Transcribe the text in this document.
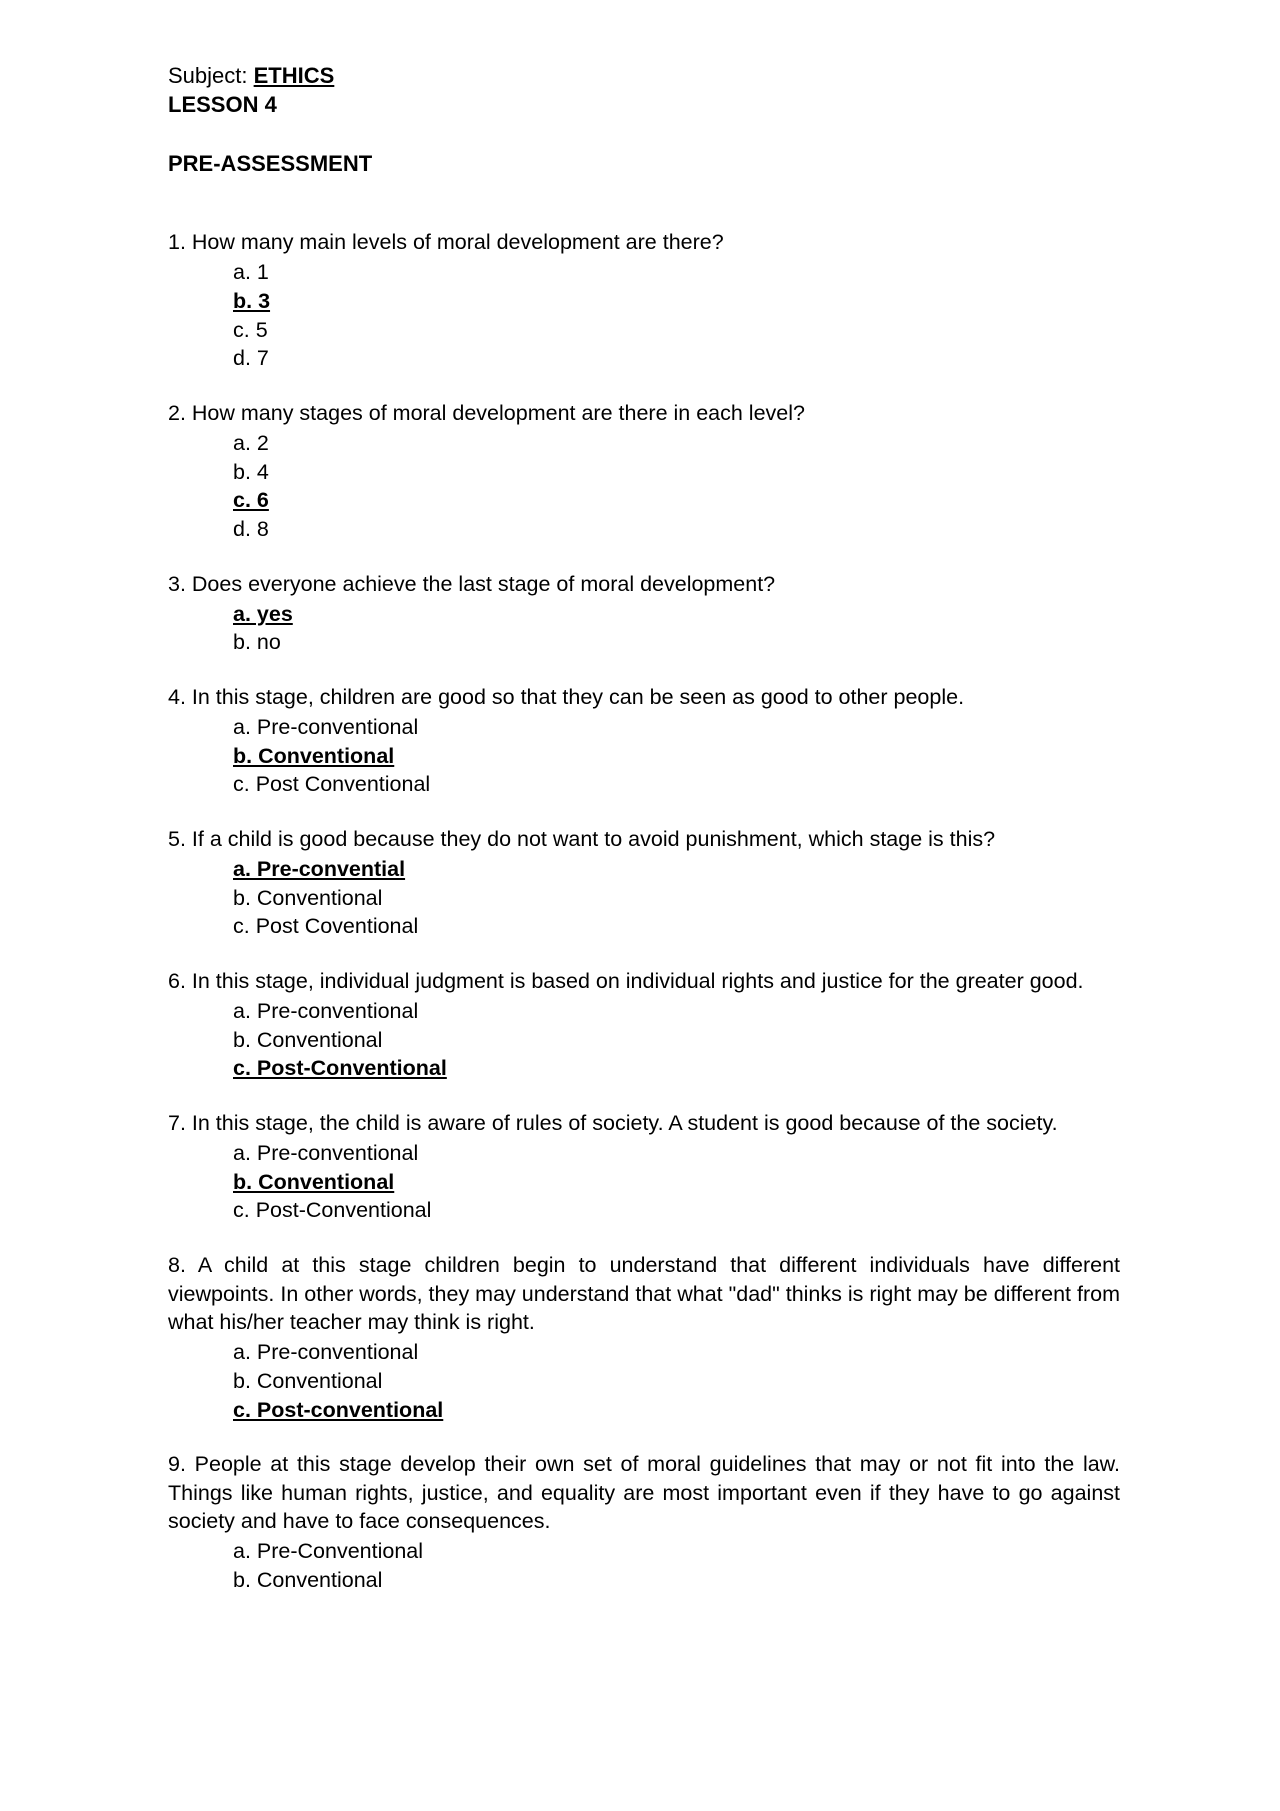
Subject: ETHICS
LESSON 4
PRE-ASSESSMENT

1. How many main levels of moral development are there?

a. 1
b. 3
c. 5
d. 7

2. How many stages of moral development are there in each level?

a. 2
b. 4
c. 6
d. 8

3. Does everyone achieve the last stage of moral development?

a. yes
b. no

4. In this stage, children are good so that they can be seen as good to other people.

a. Pre-conventional
b. Conventional
c. Post Conventional

5. If a child is good because they do not want to avoid punishment, which stage is this?

a. Pre-convential
b. Conventional
c. Post Coventional

6. In this stage, individual judgment is based on individual rights and justice for the greater good.

a. Pre-conventional
b. Conventional
c. Post-Conventional

7. In this stage, the child is aware of rules of society. A student is good because of the society.

a. Pre-conventional
b. Conventional
c. Post-Conventional

8. A child at this stage children begin to understand that different individuals have different viewpoints. In other words, they may understand that what "dad" thinks is right may be different from what his/her teacher may think is right.

a. Pre-conventional
b. Conventional
c. Post-conventional

9. People at this stage develop their own set of moral guidelines that may or not fit into the law. Things like human rights, justice, and equality are most important even if they have to go against society and have to face consequences.

a. Pre-Conventional
b. Conventional
